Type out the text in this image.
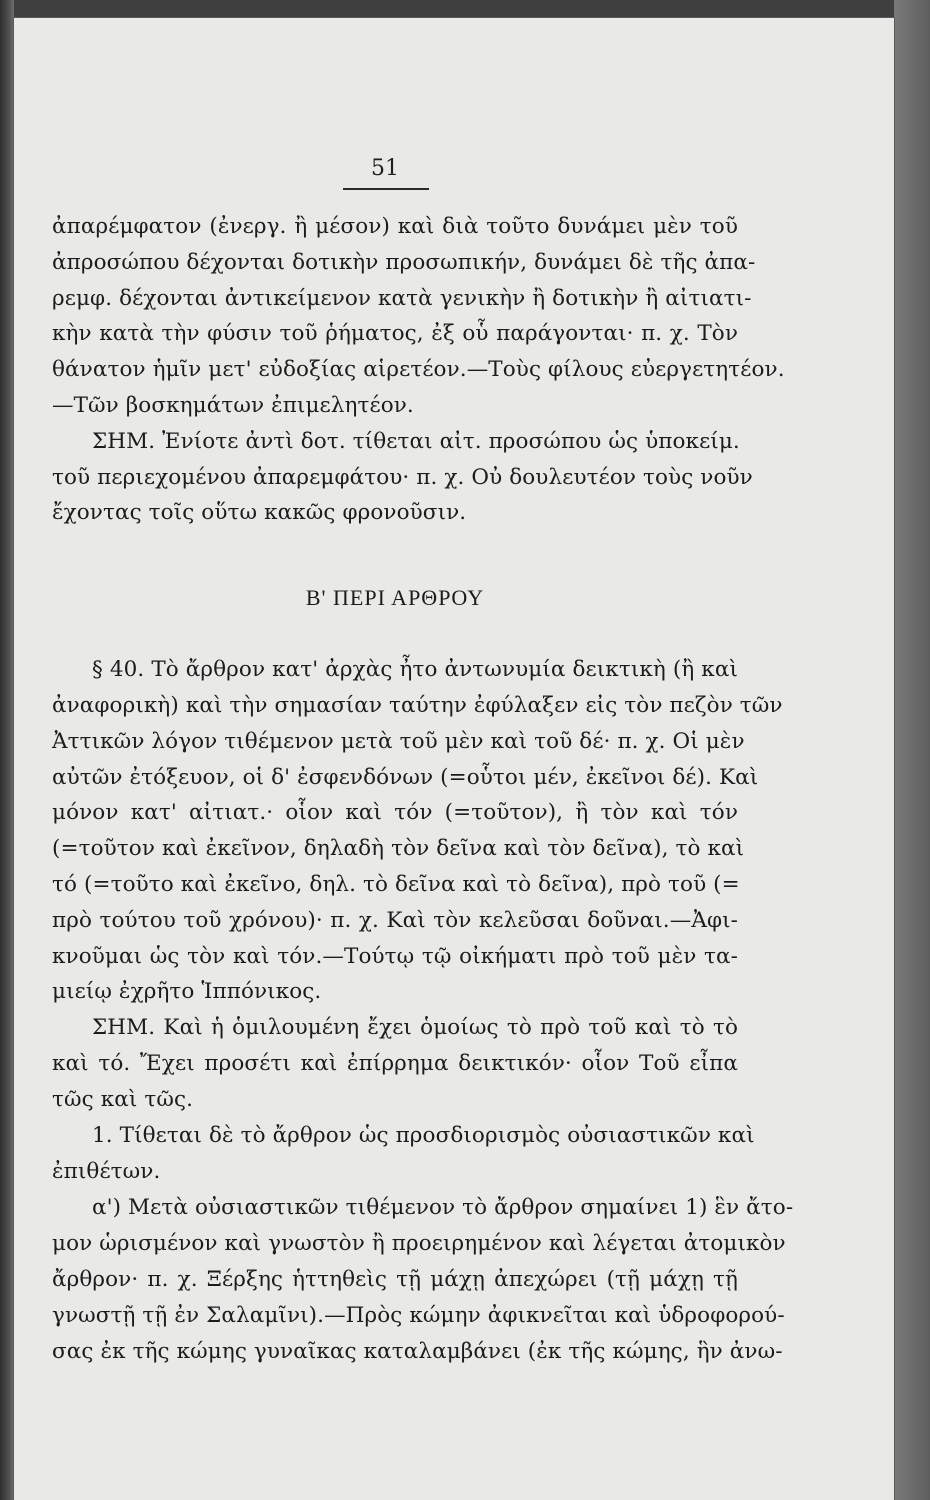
51
ἀπαρέμφατον (ἐνεργ. ἢ μέσον) καὶ διὰ τοῦτο δυνάμει μὲν τοῦ
ἀπροσώπου δέχονται δοτικὴν προσωπικήν, δυνάμει δὲ τῆς ἀπα-
ρεμφ. δέχονται ἀντικείμενον κατὰ γενικὴν ἢ δοτικὴν ἢ αἰτιατι-
κὴν κατὰ τὴν φύσιν τοῦ ῥήματος, ἐξ οὗ παράγονται· π. χ. Τὸν
θάνατον ἡμῖν μετ' εὐδοξίας αἱρετέον.—Τοὺς φίλους εὐεργετητέον.
—Τῶν βοσκημάτων ἐπιμελητέον.
ΣΗΜ. Ἐνίοτε ἀντὶ δοτ. τίθεται αἰτ. προσώπου ὡς ὑποκείμ.
τοῦ περιεχομένου ἀπαρεμφάτου· π. χ. Οὐ δουλευτέον τοὺς νοῦν
ἔχοντας τοῖς οὕτω κακῶς φρονοῦσιν.
Β' ΠΕΡΙ ΑΡΘΡΟΥ
§ 40. Τὸ ἄρθρον κατ' ἀρχὰς ἦτο ἀντωνυμία δεικτικὴ (ἢ καὶ
ἀναφορικὴ) καὶ τὴν σημασίαν ταύτην ἐφύλαξεν εἰς τὸν πεζὸν τῶν
Ἀττικῶν λόγον τιθέμενον μετὰ τοῦ μὲν καὶ τοῦ δέ· π. χ. Οἱ μὲν
αὐτῶν ἐτόξευον, οἱ δ' ἐσφενδόνων (=οὗτοι μέν, ἐκεῖνοι δέ). Καὶ
μόνον κατ' αἰτιατ.· οἷον καὶ τόν (=τοῦτον), ἢ τὸν καὶ τόν
(=τοῦτον καὶ ἐκεῖνον, δηλαδὴ τὸν δεῖνα καὶ τὸν δεῖνα), τὸ καὶ
τό (=τοῦτο καὶ ἐκεῖνο, δηλ. τὸ δεῖνα καὶ τὸ δεῖνα), πρὸ τοῦ (=
πρὸ τούτου τοῦ χρόνου)· π. χ. Καὶ τὸν κελεῦσαι δοῦναι.—Ἀφι-
κνοῦμαι ὡς τὸν καὶ τόν.—Τούτῳ τῷ οἰκήματι πρὸ τοῦ μὲν τα-
μιείῳ ἐχρῆτο Ἱππόνικος.
ΣΗΜ. Καὶ ἡ ὁμιλουμένη ἔχει ὁμοίως τὸ πρὸ τοῦ καὶ τὸ τὸ
καὶ τό. Ἔχει προσέτι καὶ ἐπίρρημα δεικτικόν· οἷον Τοῦ εἶπα
τῶς καὶ τῶς.
1. Τίθεται δὲ τὸ ἄρθρον ὡς προσδιορισμὸς οὐσιαστικῶν καὶ
ἐπιθέτων.
α') Μετὰ οὐσιαστικῶν τιθέμενον τὸ ἄρθρον σημαίνει 1) ἓν ἄτο-
μον ὡρισμένον καὶ γνωστὸν ἢ προειρημένον καὶ λέγεται ἀτομικὸν
ἄρθρον· π. χ. Ξέρξης ἡττηθεὶς τῇ μάχῃ ἀπεχώρει (τῇ μάχῃ τῇ
γνωστῇ τῇ ἐν Σαλαμῖνι).—Πρὸς κώμην ἀφικνεῖται καὶ ὑδροφορού-
σας ἐκ τῆς κώμης γυναῖκας καταλαμβάνει (ἐκ τῆς κώμης, ἣν ἀνω-
